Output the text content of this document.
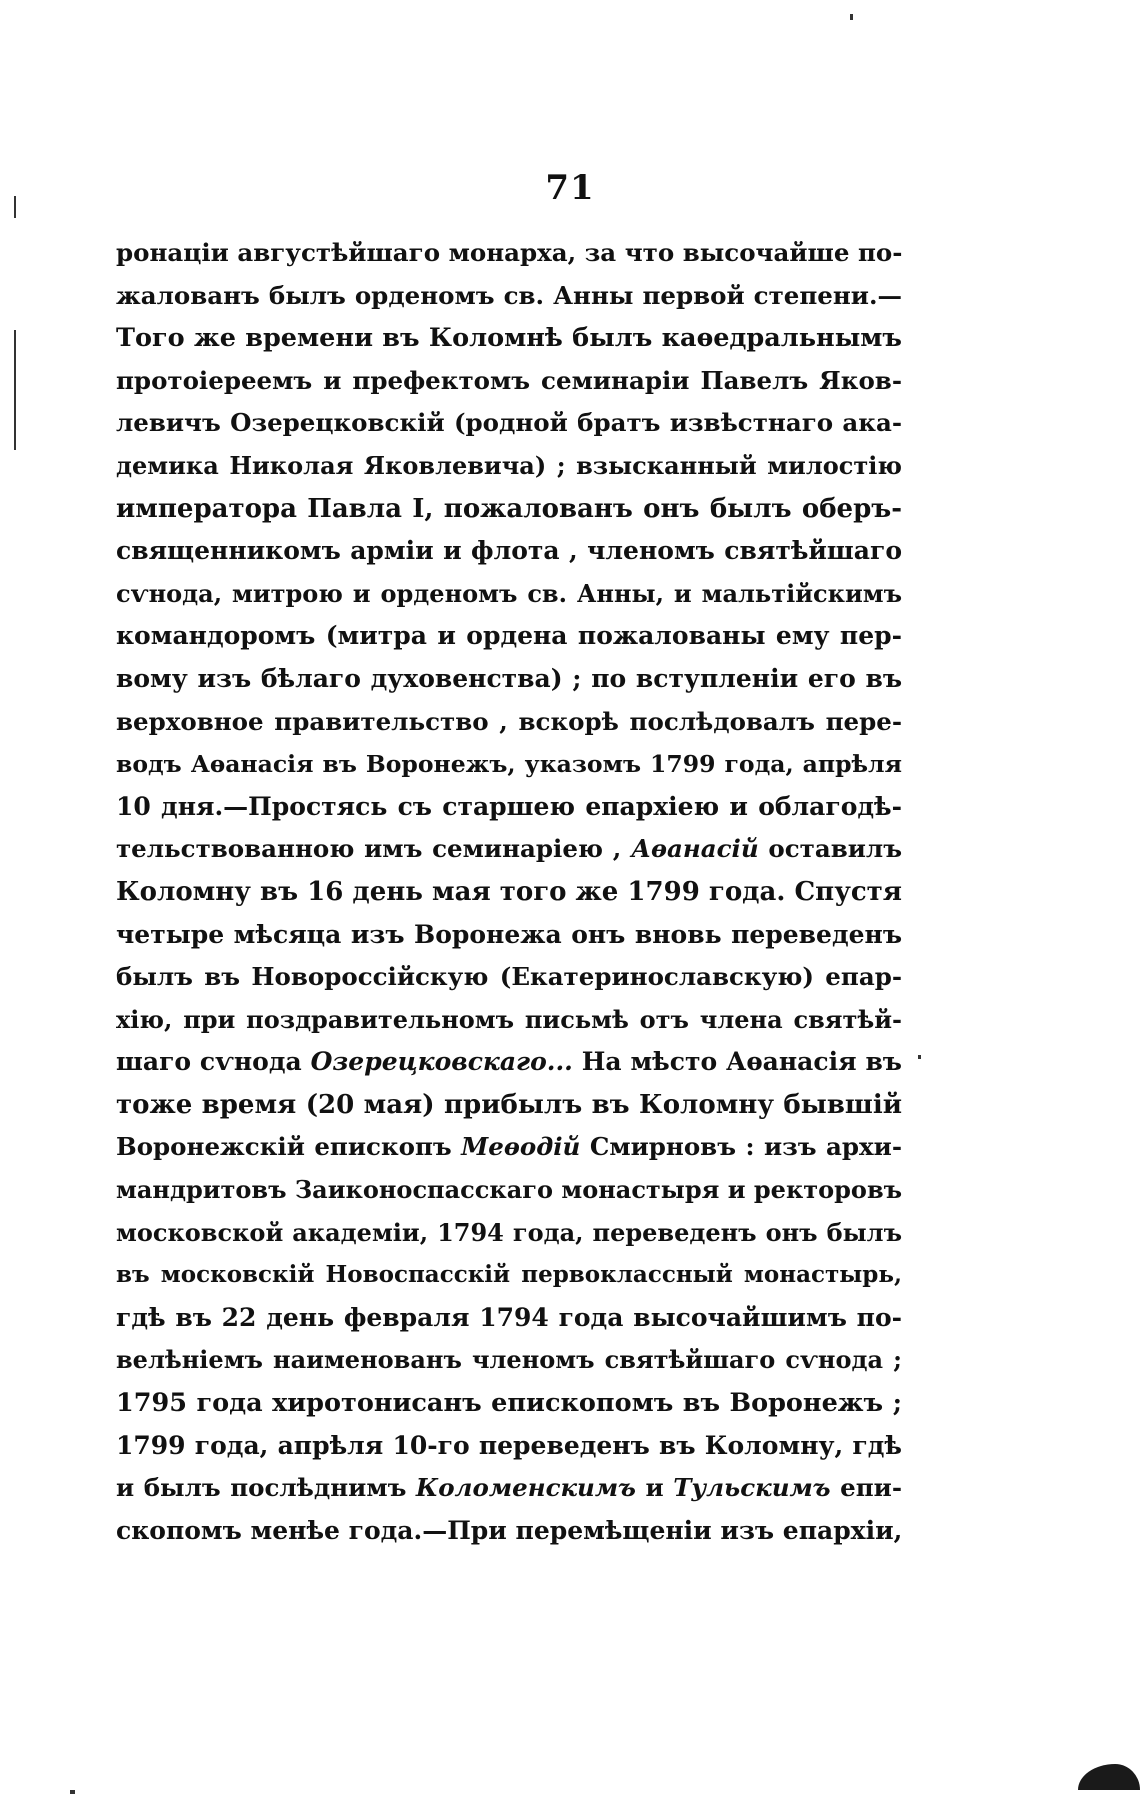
71
ронаціи августѣйшаго монарха, за что высочайше по-
жалованъ былъ орденомъ св. Анны первой степени.—
Того же времени въ Коломнѣ былъ каѳедральнымъ
протоіереемъ и префектомъ семинаріи Павелъ Яков-
левичъ Озерецковскій (родной братъ извѣстнаго ака-
демика Николая Яковлевича) ; взысканный милостію
императора Павла I, пожалованъ онъ былъ оберъ-
священникомъ арміи и флота , членомъ святѣйшаго
сѵнода, митрою и орденомъ св. Анны, и мальтійскимъ
командоромъ (митра и ордена пожалованы ему пер-
вому изъ бѣлаго духовенства) ; по вступленіи его въ
верховное правительство , вскорѣ послѣдовалъ пере-
водъ Аѳанасія въ Воронежъ, указомъ 1799 года, апрѣля
10 дня.—Простясь съ старшею епархіею и облагодѣ-
тельствованною имъ семинаріею , Аѳанасій оставилъ
Коломну въ 16 день мая того же 1799 года. Спустя
четыре мѣсяца изъ Воронежа онъ вновь переведенъ
былъ въ Новороссійскую (Екатеринославскую) епар-
хію, при поздравительномъ письмѣ отъ члена святѣй-
шаго сѵнода Озерецковскаго... На мѣсто Аѳанасія въ
тоже время (20 мая) прибылъ въ Коломну бывшій
Воронежскій епископъ Меѳодій Смирновъ : изъ архи-
мандритовъ Заиконоспасскаго монастыря и ректоровъ
московской академіи, 1794 года, переведенъ онъ былъ
въ московскій Новоспасскій первоклассный монастырь,
гдѣ въ 22 день февраля 1794 года высочайшимъ по-
велѣніемъ наименованъ членомъ святѣйшаго сѵнода ;
1795 года хиротонисанъ епископомъ въ Воронежъ ;
1799 года, апрѣля 10-го переведенъ въ Коломну, гдѣ
и былъ послѣднимъ Коломенскимъ и Тульскимъ епи-
скопомъ менѣе года.—При перемѣщеніи изъ епархіи,
